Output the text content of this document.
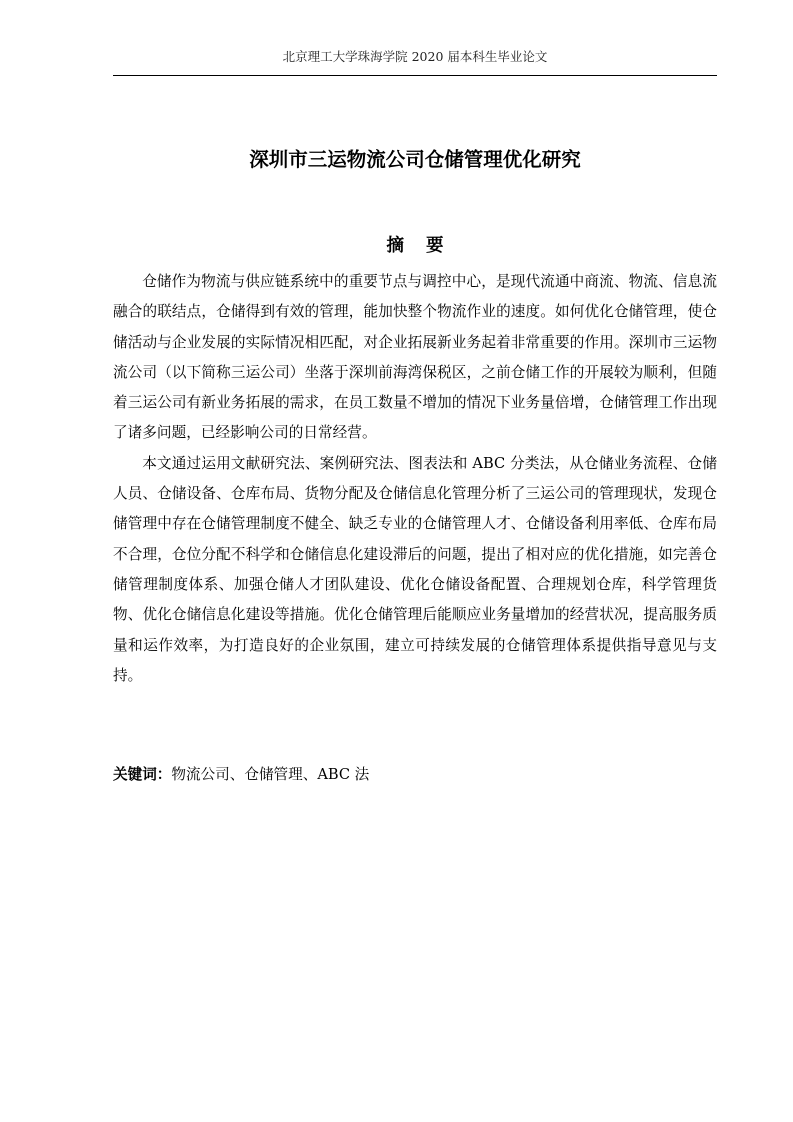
北京理工大学珠海学院 2020 届本科生毕业论文
深圳市三运物流公司仓储管理优化研究
摘 要

仓储作为物流与供应链系统中的重要节点与调控中心，是现代流通中商流、物流、信息流融合的联结点，仓储得到有效的管理，能加快整个物流作业的速度。如何优化仓储管理，使仓储活动与企业发展的实际情况相匹配，对企业拓展新业务起着非常重要的作用。深圳市三运物流公司（以下简称三运公司）坐落于深圳前海湾保税区，之前仓储工作的开展较为顺利，但随着三运公司有新业务拓展的需求，在员工数量不增加的情况下业务量倍增，仓储管理工作出现了诸多问题，已经影响公司的日常经营。

本文通过运用文献研究法、案例研究法、图表法和 ABC 分类法，从仓储业务流程、仓储人员、仓储设备、仓库布局、货物分配及仓储信息化管理分析了三运公司的管理现状，发现仓储管理中存在仓储管理制度不健全、缺乏专业的仓储管理人才、仓储设备利用率低、仓库布局不合理，仓位分配不科学和仓储信息化建设滞后的问题，提出了相对应的优化措施，如完善仓储管理制度体系、加强仓储人才团队建设、优化仓储设备配置、合理规划仓库，科学管理货物、优化仓储信息化建设等措施。优化仓储管理后能顺应业务量增加的经营状况，提高服务质量和运作效率，为打造良好的企业氛围，建立可持续发展的仓储管理体系提供指导意见与支持。

关键词：物流公司、仓储管理、ABC 法
